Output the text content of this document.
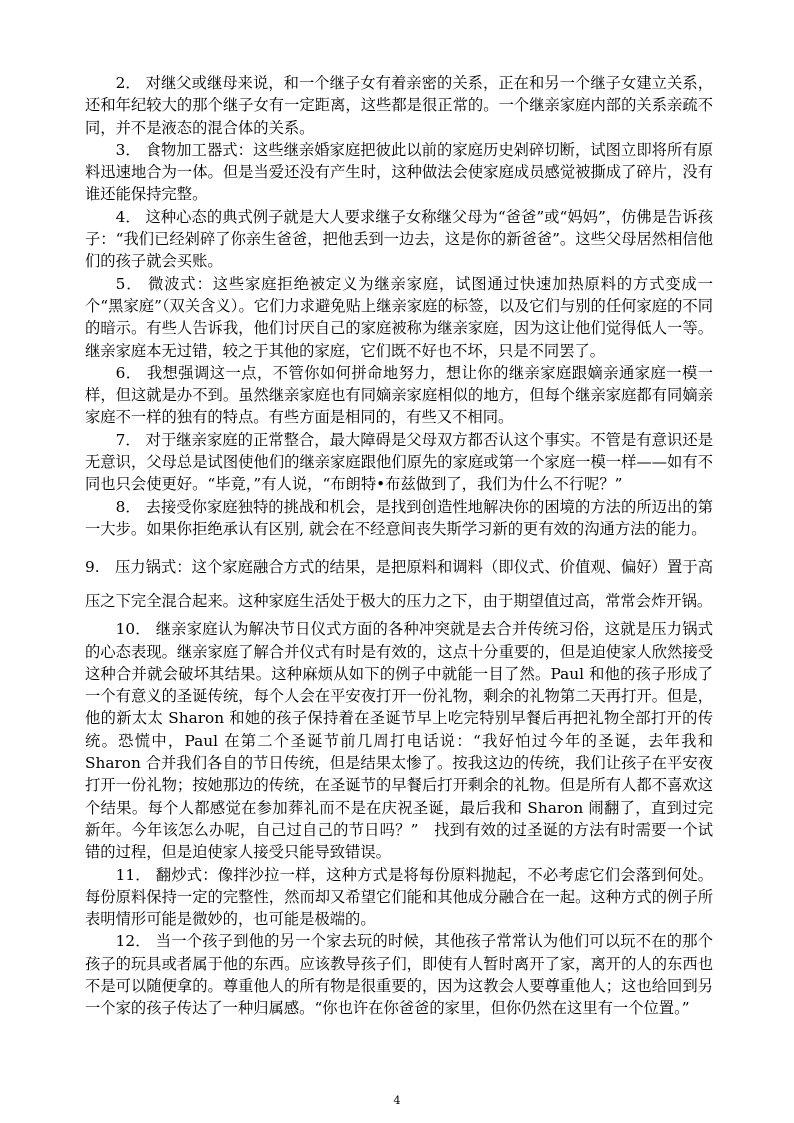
2． 对继父或继母来说，和一个继子女有着亲密的关系，正在和另一个继子女建立关系，还和年纪较大的那个继子女有一定距离，这些都是很正常的。一个继亲家庭内部的关系亲疏不同，并不是液态的混合体的关系。

3． 食物加工器式：这些继亲婚家庭把彼此以前的家庭历史剁碎切断，试图立即将所有原料迅速地合为一体。但是当爱还没有产生时，这种做法会使家庭成员感觉被撕成了碎片，没有谁还能保持完整。

4． 这种心态的典式例子就是大人要求继子女称继父母为“爸爸”或“妈妈”，仿佛是告诉孩子：“我们已经剁碎了你亲生爸爸，把他丢到一边去，这是你的新爸爸”。这些父母居然相信他们的孩子就会买账。

5． 微波式：这些家庭拒绝被定义为继亲家庭，试图通过快速加热原料的方式变成一个“黑家庭”（双关含义）。它们力求避免贴上继亲家庭的标签，以及它们与别的任何家庭的不同的暗示。有些人告诉我，他们讨厌自己的家庭被称为继亲家庭，因为这让他们觉得低人一等。继亲家庭本无过错，较之于其他的家庭，它们既不好也不坏，只是不同罢了。

6． 我想强调这一点，不管你如何拼命地努力，想让你的继亲家庭跟嫡亲通家庭一模一样，但这就是办不到。虽然继亲家庭也有同嫡亲家庭相似的地方，但每个继亲家庭都有同嫡亲家庭不一样的独有的特点。有些方面是相同的，有些又不相同。

7． 对于继亲家庭的正常整合，最大障碍是父母双方都否认这个事实。不管是有意识还是无意识，父母总是试图使他们的继亲家庭跟他们原先的家庭或第一个家庭一模一样——如有不同也只会使更好。“毕竟，”有人说，“布朗特•布兹做到了，我们为什么不行呢？”

8． 去接受你家庭独特的挑战和机会，是找到创造性地解决你的困境的方法的所迈出的第一大步。如果你拒绝承认有区别, 就会在不经意间丧失斯学习新的更有效的沟通方法的能力。

9.　压力锅式：这个家庭融合方式的结果，是把原料和调料（即仪式、价值观、偏好）置于高压之下完全混合起来。这种家庭生活处于极大的压力之下，由于期望值过高，常常会炸开锅。

10． 继亲家庭认为解决节日仪式方面的各种冲突就是去合并传统习俗，这就是压力锅式的心态表现。继亲家庭了解合并仪式有时是有效的，这点十分重要的，但是迫使家人欣然接受这种合并就会破坏其结果。这种麻烦从如下的例子中就能一目了然。Paul 和他的孩子形成了一个有意义的圣诞传统，每个人会在平安夜打开一份礼物，剩余的礼物第二天再打开。但是，他的新太太 Sharon 和她的孩子保持着在圣诞节早上吃完特别早餐后再把礼物全部打开的传统。恐慌中，Paul 在第二个圣诞节前几周打电话说：“我好怕过今年的圣诞，去年我和 Sharon 合并我们各自的节日传统，但是结果太惨了。按我这边的传统，我们让孩子在平安夜打开一份礼物；按她那边的传统，在圣诞节的早餐后打开剩余的礼物。但是所有人都不喜欢这个结果。每个人都感觉在参加葬礼而不是在庆祝圣诞，最后我和 Sharon 闹翻了，直到过完新年。今年该怎么办呢，自己过自己的节日吗？”　找到有效的过圣诞的方法有时需要一个试错的过程，但是迫使家人接受只能导致错误。

11． 翻炒式：像拌沙拉一样，这种方式是将每份原料抛起，不必考虑它们会落到何处。每份原料保持一定的完整性，然而却又希望它们能和其他成分融合在一起。这种方式的例子所表明情形可能是微妙的，也可能是极端的。

12． 当一个孩子到他的另一个家去玩的时候，其他孩子常常认为他们可以玩不在的那个孩子的玩具或者属于他的东西。应该教导孩子们，即使有人暂时离开了家，离开的人的东西也不是可以随便拿的。尊重他人的所有物是很重要的，因为这教会人要尊重他人；这也给回到另一个家的孩子传达了一种归属感。“你也许在你爸爸的家里，但你仍然在这里有一个位置。”

4
